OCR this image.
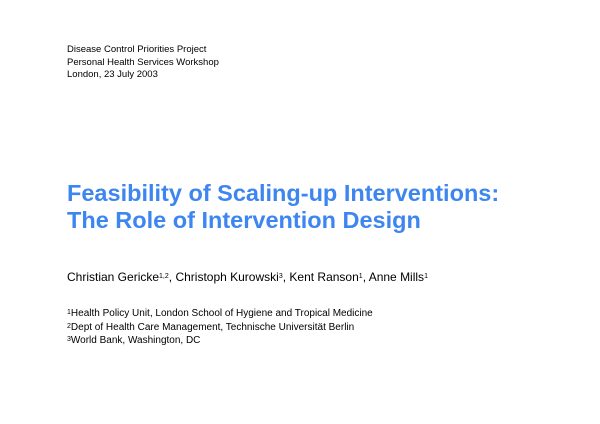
Disease Control Priorities Project
Personal Health Services Workshop
London, 23 July 2003
Feasibility of Scaling-up Interventions:
The Role of Intervention Design
Christian Gericke$^{1,2}$, Christoph Kurowski$^3$, Kent Ranson$^1$, Anne Mills$^1$
$^1$Health Policy Unit, London School of Hygiene and Tropical Medicine
$^2$Dept of Health Care Management, Technische Universität Berlin
$^3$World Bank, Washington, DC
